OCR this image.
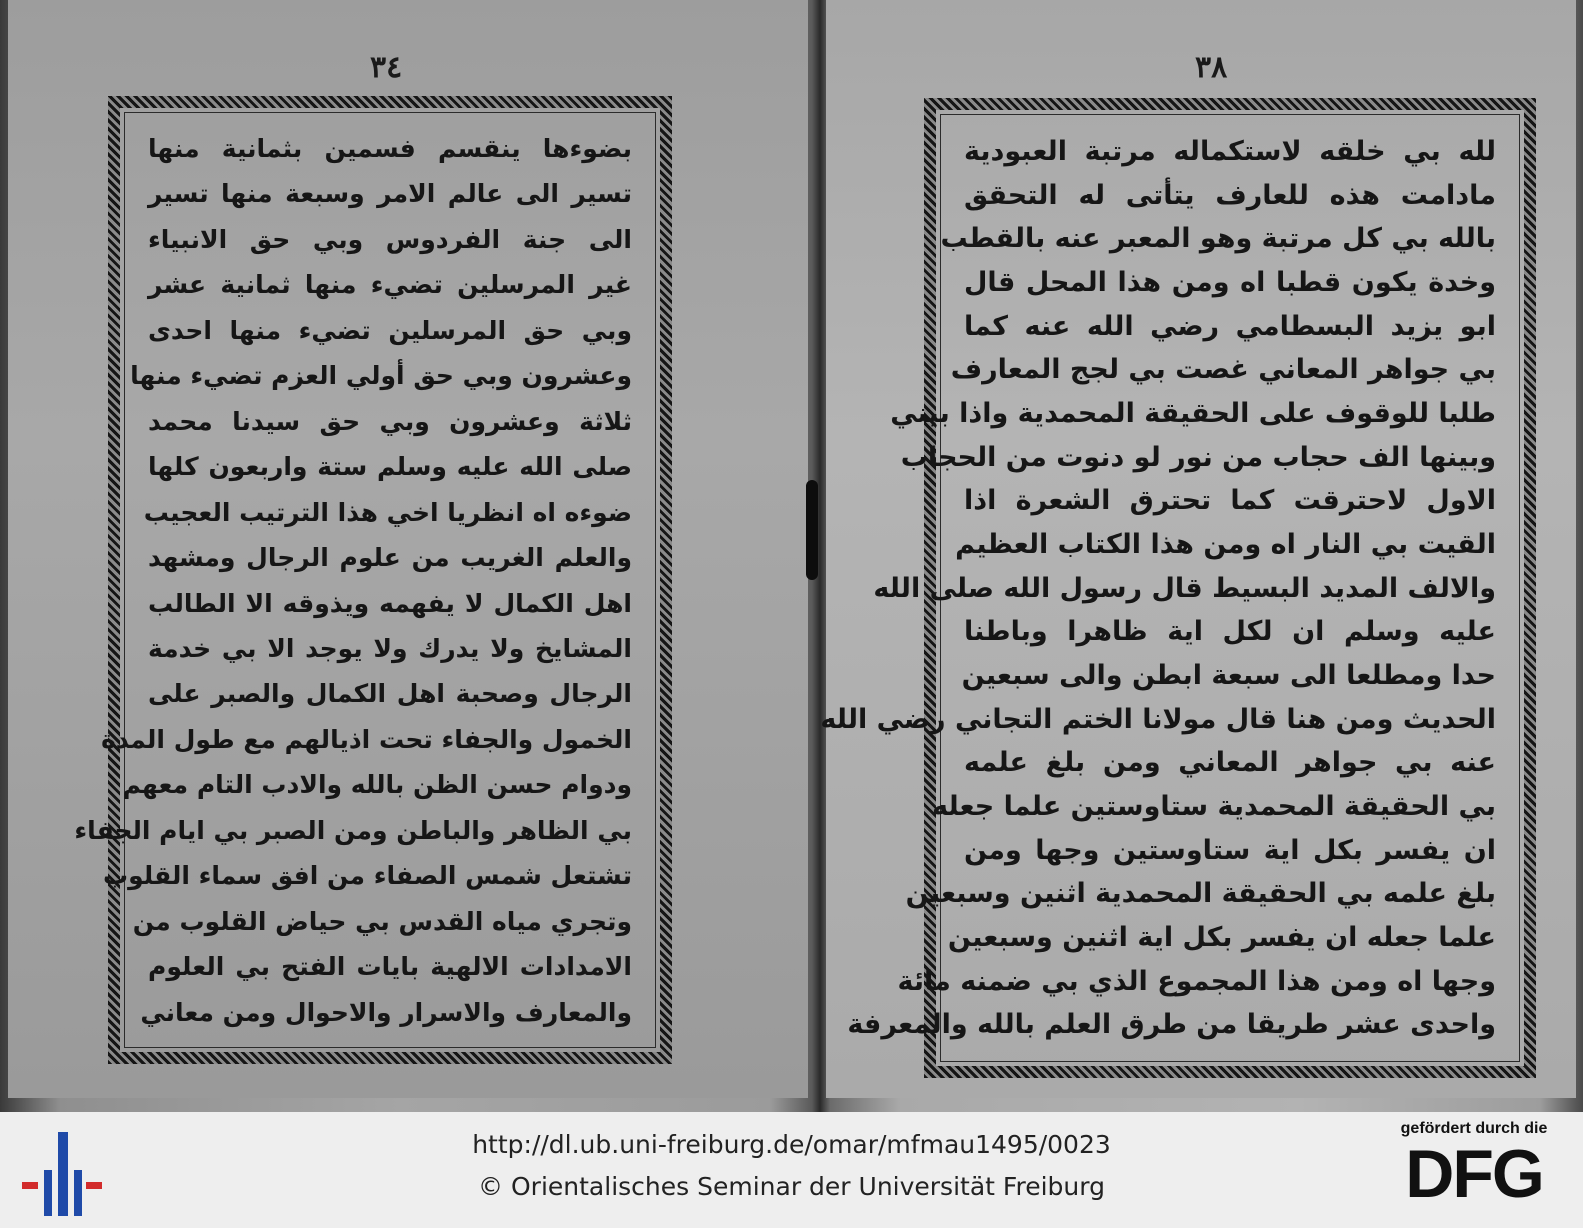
٣٤	٣٨
بضوءها ينقسم فسمين بثمانية منها
تسير الى عالم الامر وسبعة منها تسير
الى جنة الفردوس وبي حق الانبياء
غير المرسلين تضيء منها ثمانية عشر
وبي حق المرسلين تضيء منها احدى
وعشرون وبي حق أولي العزم تضيء منها
ثلاثة وعشرون وبي حق سيدنا محمد
صلى الله عليه وسلم ستة واربعون كلها
ضوءه اه انظريا اخي هذا الترتيب العجيب
والعلم الغريب من علوم الرجال ومشهد
اهل الكمال لا يفهمه ويذوقه الا الطالب
المشايخ ولا يدرك ولا يوجد الا بي خدمة
الرجال وصحبة اهل الكمال والصبر على
الخمول والجفاء تحت اذيالهم مع طول المدة
ودوام حسن الظن بالله والادب التام معهم
بي الظاهر والباطن ومن الصبر بي ايام الجفاء
تشتعل شمس الصفاء من افق سماء القلوب
وتجري مياه القدس بي حياض القلوب من
الامدادات الالهية بايات الفتح بي العلوم
والمعارف والاسرار والاحوال ومن معاني
لله بي خلقه لاستكماله مرتبة العبودية
مادامت هذه للعارف يتأتى له التحقق
بالله بي كل مرتبة وهو المعبر عنه بالقطب
وخدة يكون قطبا اه ومن هذا المحل قال
ابو يزيد البسطامي رضي الله عنه كما
بي جواهر المعاني غصت بي لجج المعارف
طلبا للوقوف على الحقيقة المحمدية واذا بيني
وبينها الف حجاب من نور لو دنوت من الحجاب
الاول لاحترقت كما تحترق الشعرة اذا
القيت بي النار اه ومن هذا الكتاب العظيم
والالف المديد البسيط قال رسول الله صلى الله
عليه وسلم ان لكل اية ظاهرا وباطنا
حدا ومطلعا الى سبعة ابطن والى سبعين
الحديث ومن هنا قال مولانا الختم التجاني رضي الله
عنه بي جواهر المعاني ومن بلغ علمه
بي الحقيقة المحمدية ستاوستين علما جعله
ان يفسر بكل اية ستاوستين وجها ومن
بلغ علمه بي الحقيقة المحمدية اثنين وسبعين
علما جعله ان يفسر بكل اية اثنين وسبعين
وجها اه ومن هذا المجموع الذي بي ضمنه مائة
واحدى عشر طريقا من طرق العلم بالله والمعرفة
http://dl.ub.uni-freiburg.de/omar/mfmau1495/0023
© Orientalisches Seminar der Universität Freiburg
gefördert durch die
DFG
